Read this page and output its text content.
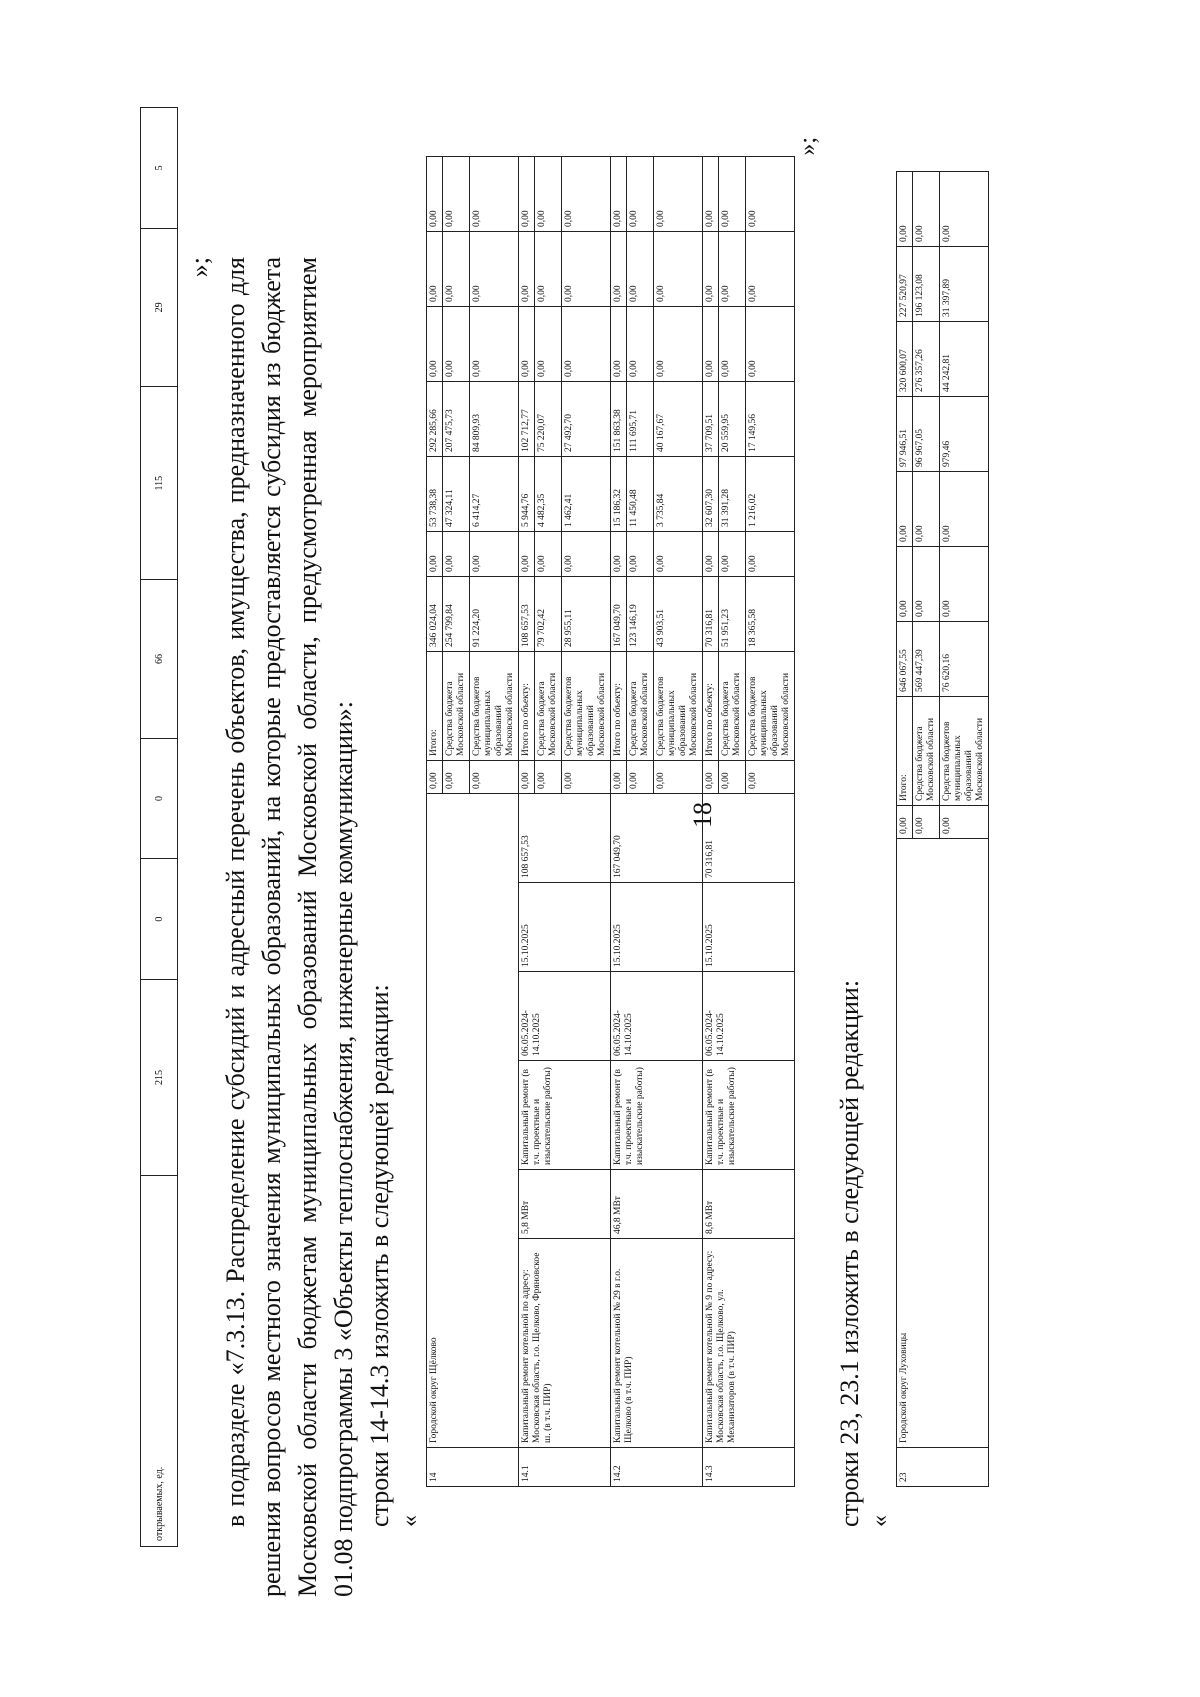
18
открываемых, ед.	215	0	0	66	115	29	5
»; в подразделе «7.3.13. Распределение субсидий и адресный перечень объектов, имущества, предназначенного для решения вопросов местного значения муниципальных образований, на которые предоставляется субсидия из бюджета Московской области бюджетам муниципальных образований Московской области, предусмотренная мероприятием 01.08 подпрограммы 3 «Объекты теплоснабжения, инженерные коммуникации»: строки 14-14.3 изложить в следующей редакции: «
14	Городской округ Щёлково						0,00	Итого:	346 024,04	0,00	53 738,38	292 285,66	0,00	0,00	0,00
							0,00	Средства бюджета Московской области	254 799,84	0,00	47 324,11	207 475,73	0,00	0,00	0,00
							0,00	Средства бюджетов муниципальных образований Московской области	91 224,20	0,00	6 414,27	84 809,93	0,00	0,00	0,00
14.1	Капитальный ремонт котельной по адресу: Московская область, г.о. Щелково, Фряновское ш. (в т.ч. ПИР)	5,8 МВт	Капитальный ремонт (в т.ч. проектные и изыскательские работы)	06.05.2024-14.10.2025	15.10.2025	108 657,53	0,00	Итого по объекту:	108 657,53	0,00	5 944,76	102 712,77	0,00	0,00	0,00
							0,00	Средства бюджета Московской области	79 702,42	0,00	4 482,35	75 220,07	0,00	0,00	0,00
							0,00	Средства бюджетов муниципальных образований Московской области	28 955,11	0,00	1 462,41	27 492,70	0,00	0,00	0,00
14.2	Капитальный ремонт котельной № 29 в г.о. Щелково (в т.ч. ПИР)	46,8 МВт	Капитальный ремонт (в т.ч. проектные и изыскательские работы)	06.05.2024-14.10.2025	15.10.2025	167 049,70	0,00	Итого по объекту:	167 049,70	0,00	15 186,32	151 863,38	0,00	0,00	0,00
							0,00	Средства бюджета Московской области	123 146,19	0,00	11 450,48	111 695,71	0,00	0,00	0,00
							0,00	Средства бюджетов муниципальных образований Московской области	43 903,51	0,00	3 735,84	40 167,67	0,00	0,00	0,00
14.3	Капитальный ремонт котельной № 9 по адресу: Московская область, г.о. Щелково, ул. Механизаторов (в т.ч. ПИР)	8,6 МВт	Капитальный ремонт (в т.ч. проектные и изыскательские работы)	06.05.2024-14.10.2025	15.10.2025	70 316,81	0,00	Итого по объекту:	70 316,81	0,00	32 607,30	37 709,51	0,00	0,00	0,00
							0,00	Средства бюджета Московской области	51 951,23	0,00	31 391,28	20 559,95	0,00	0,00	0,00
							0,00	Средства бюджетов муниципальных образований Московской области	18 365,58	0,00	1 216,02	17 149,56	0,00	0,00	0,00
»;
строки 23, 23.1 изложить в следующей редакции: «
23	Городской округ Луховицы	0,00	Итого:	646 067,55	0,00	0,00	97 946,51	320 600,07	227 520,97	0,00
		0,00	Средства бюджета Московской области	569 447,39	0,00	0,00	96 967,05	276 357,26	196 123,08	0,00
		0,00	Средства бюджетов муниципальных образований Московской области	76 620,16	0,00	0,00	979,46	44 242,81	31 397,89	0,00
